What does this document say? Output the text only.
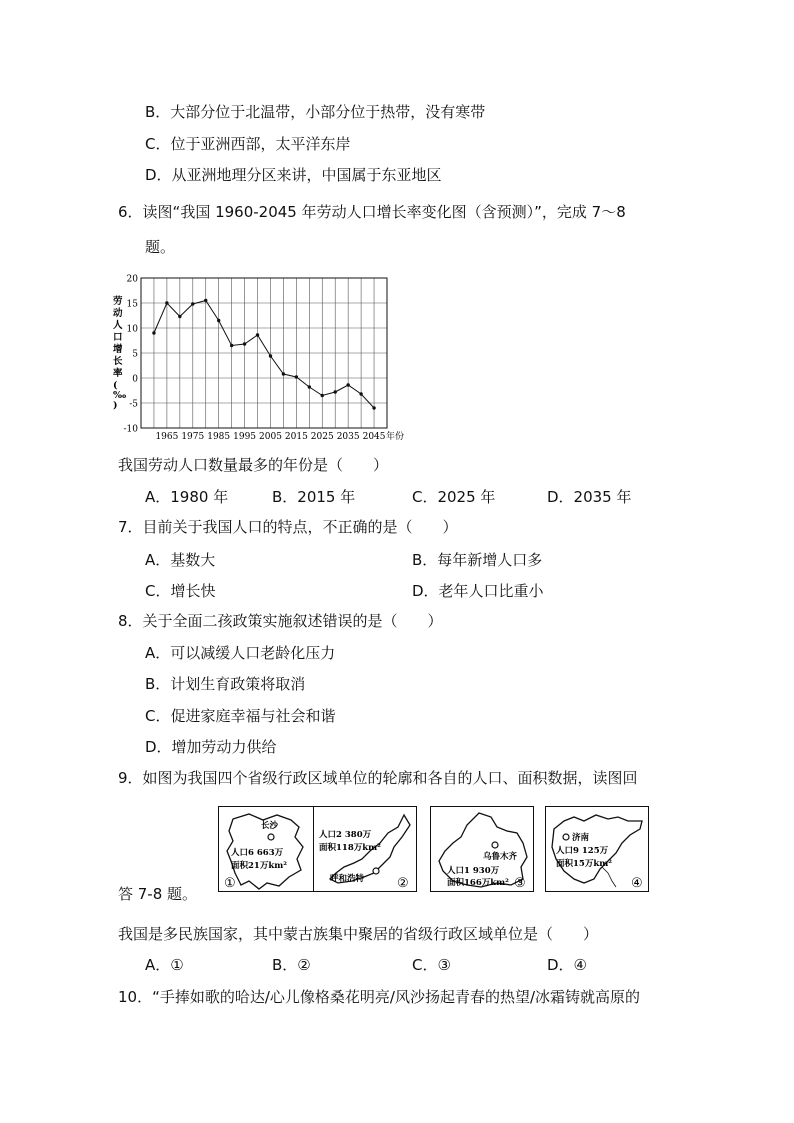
B．大部分位于北温带，小部分位于热带，没有寒带
C．位于亚洲西部，太平洋东岸
D．从亚洲地理分区来讲，中国属于东亚地区
6．读图“我国 1960-2045 年劳动人口增长率变化图（含预测）”，完成 7～8
题。
劳
动
人
口
增
长
率
(
‰
)
20
15
10
5
0
-5
-10
1965 1975 1985 1995 2005 2015 2025 2035 2045 年份
我国劳动人口数量最多的年份是（　　）
A．1980 年	B．2015 年	C．2025 年	D．2035 年
7．目前关于我国人口的特点，不正确的是（　　）
A．基数大	B．每年新增人口多
C．增长快	D．老年人口比重小
8．关于全面二孩政策实施叙述错误的是（　　）
A．可以减缓人口老龄化压力
B．计划生育政策将取消
C．促进家庭幸福与社会和谐
D．增加劳动力供给
9．如图为我国四个省级行政区域单位的轮廓和各自的人口、面积数据，读图回
答 7-8 题。
长沙
人口6 663万
面积21万km²
①
人口2 380万
面积118万km²
呼和浩特	②
乌鲁木齐
人口1 930万
面积166万km² ③
济南
人口9 125万
面积15万km²
④
我国是多民族国家，其中蒙古族集中聚居的省级行政区域单位是（　　）
A．①	B．②	C．③	D．④
10．“手捧如歌的哈达/心儿像格桑花明亮/风沙扬起青春的热望/冰霜铸就高原的
